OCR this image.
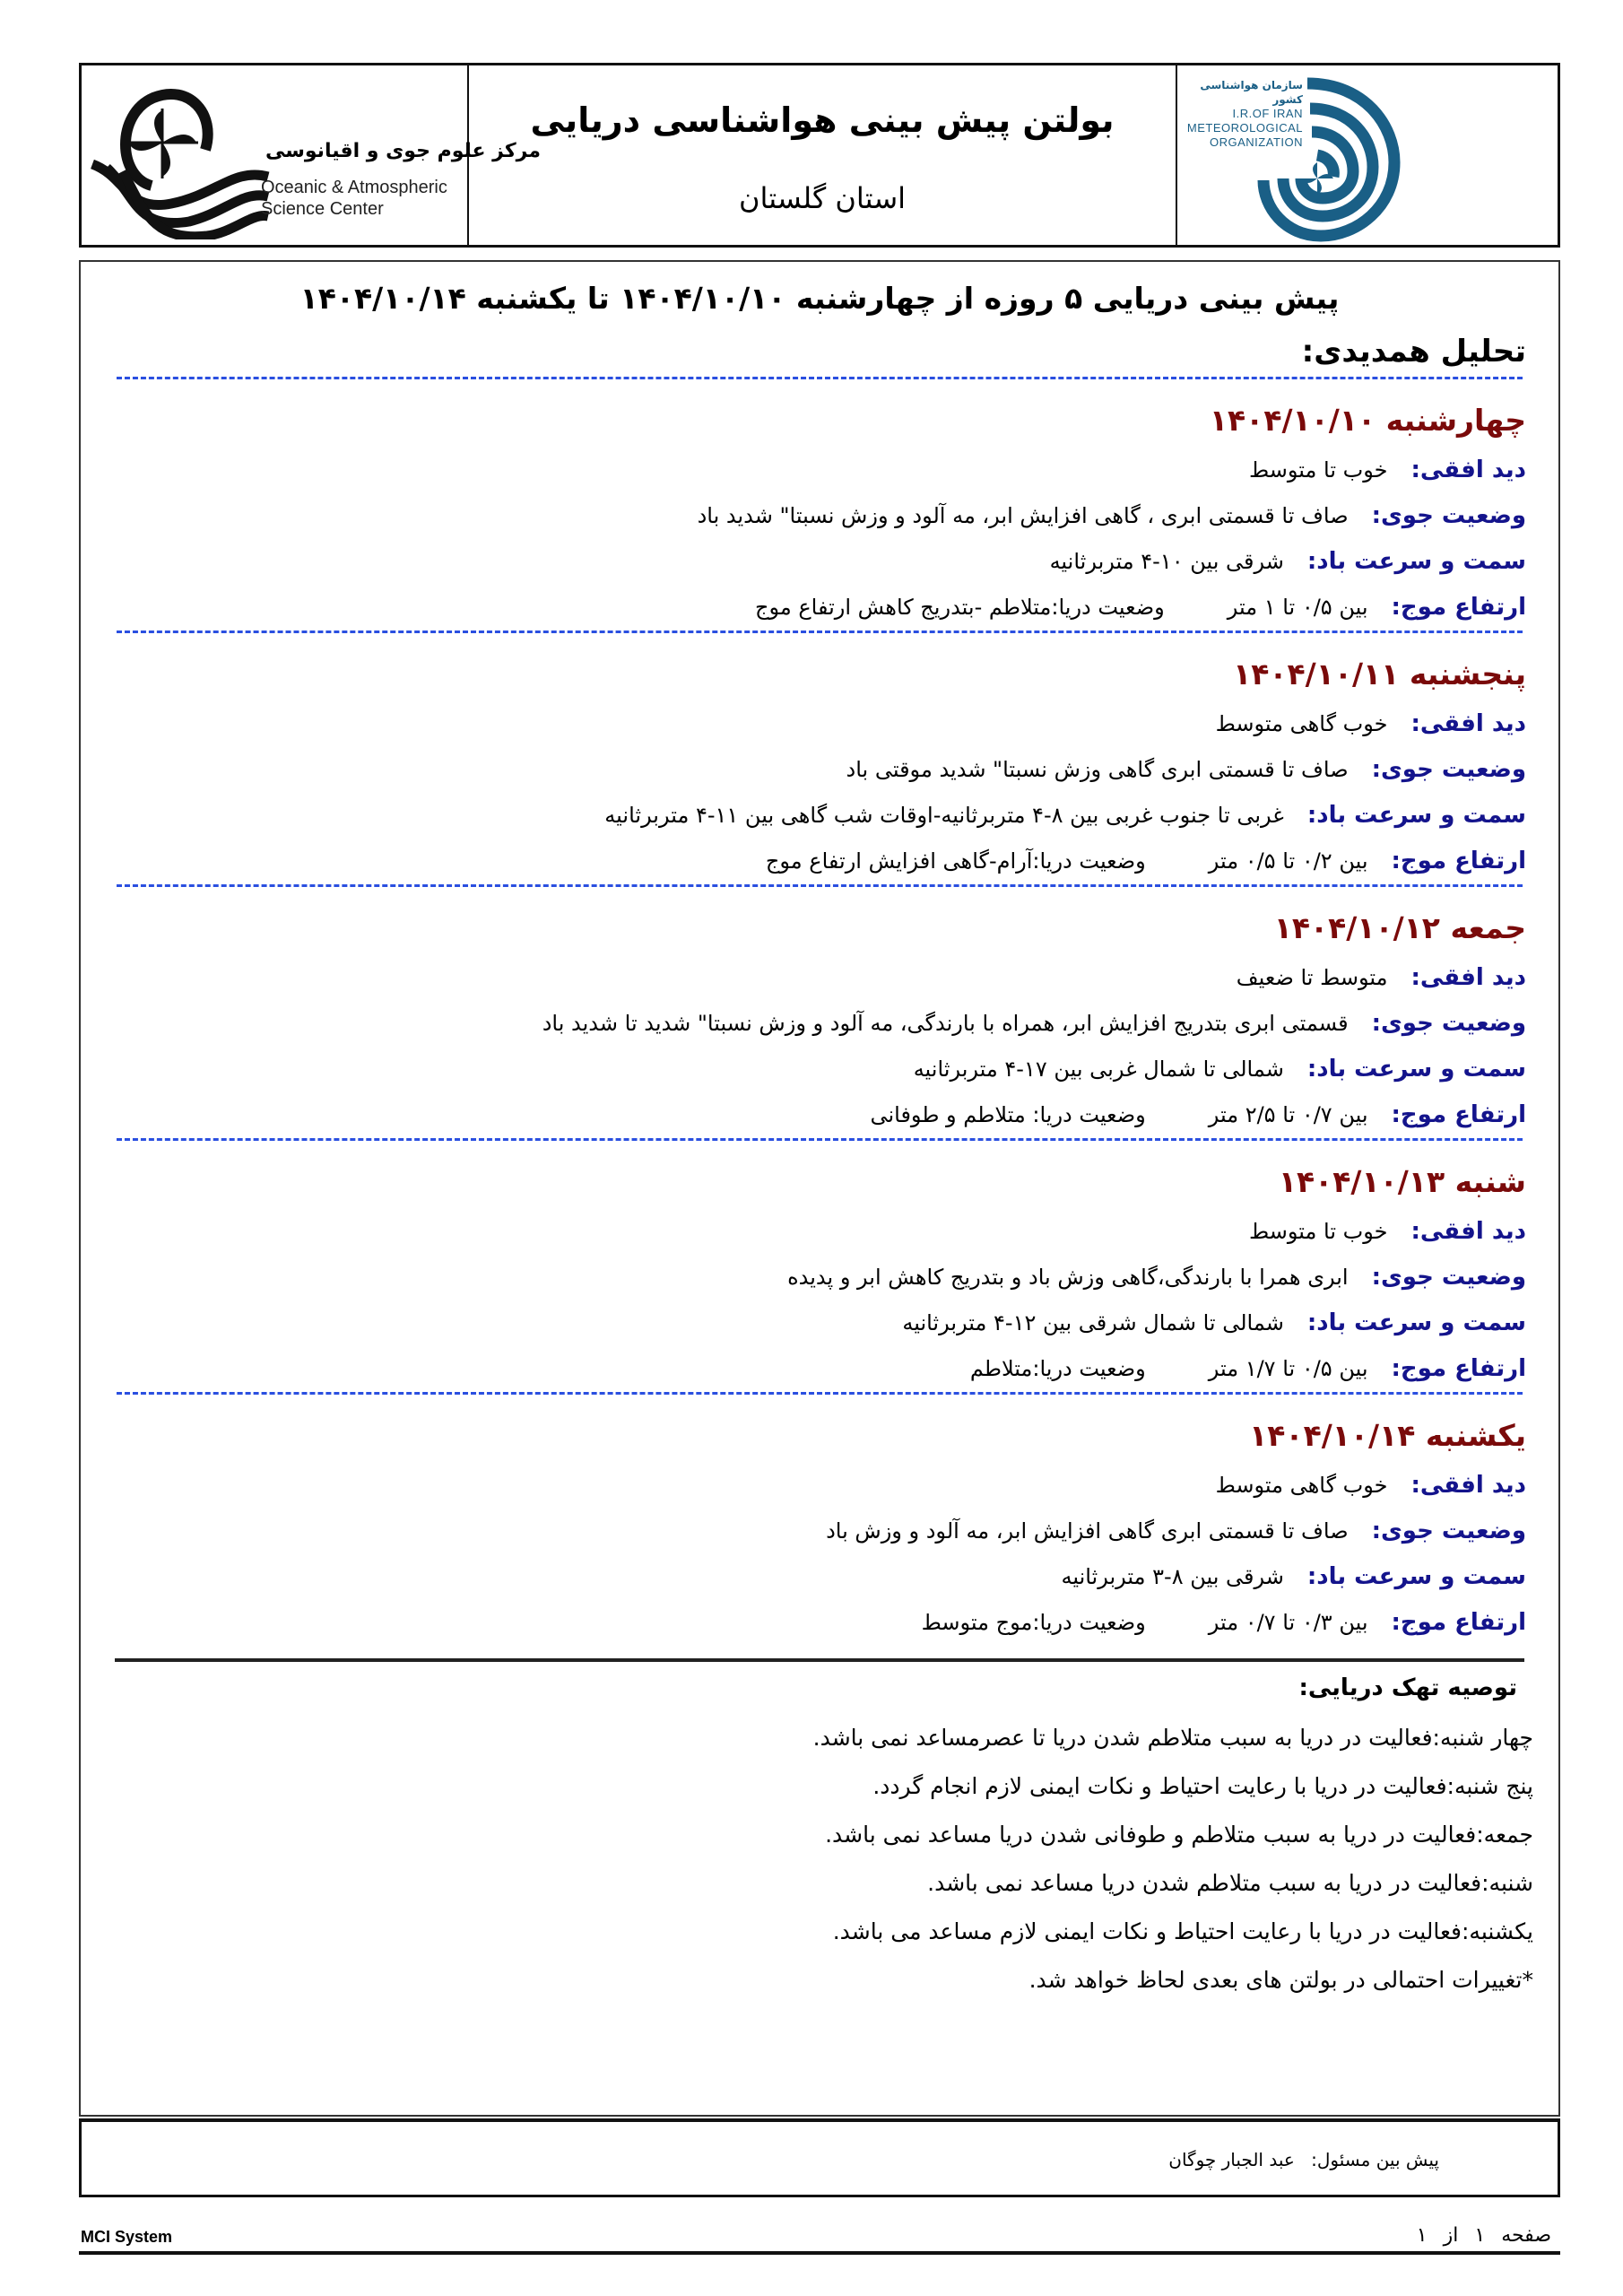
مرکز علوم جوی و اقیانوسی
Oceanic & Atmospheric
Science Center
بولتن پیش بینی هواشناسی دریایی
استان گلستان
سازمان هواشناسی کشور
I.R.OF IRAN
METEOROLOGICAL
ORGANIZATION
پیش بینی دریایی ۵ روزه از چهارشنبه ۱۴۰۴/۱۰/۱۰ تا یکشنبه ۱۴۰۴/۱۰/۱۴
تحلیل همدیدی:
چهارشنبه ۱۴۰۴/۱۰/۱۰
دید افقی:خوب تا متوسط
وضعیت جوی:صاف تا قسمتی ابری ، گاهی افزایش ابر، مه آلود و وزش نسبتا" شدید باد
سمت و سرعت باد:شرقی بین ۱۰-۴ متربرثانیه
ارتفاع موج:بین ۰/۵ تا ۱ متروضعیت دریا:متلاطم -بتدریج کاهش ارتفاع موج
پنجشنبه ۱۴۰۴/۱۰/۱۱
دید افقی:خوب گاهی متوسط
وضعیت جوی:صاف تا قسمتی ابری گاهی وزش نسبتا" شدید موقتی باد
سمت و سرعت باد:غربی تا جنوب غربی بین ۸-۴ متربرثانیه-اوقات شب گاهی بین ۱۱-۴ متربرثانیه
ارتفاع موج:بین ۰/۲ تا ۰/۵ متروضعیت دریا:آرام-گاهی افزایش ارتفاع موج
جمعه ۱۴۰۴/۱۰/۱۲
دید افقی:متوسط تا ضعیف
وضعیت جوی:قسمتی ابری بتدریج افزایش ابر، همراه با بارندگی، مه آلود و وزش نسبتا" شدید تا شدید باد
سمت و سرعت باد:شمالی تا شمال غربی بین ۱۷-۴ متربرثانیه
ارتفاع موج:بین ۰/۷ تا ۲/۵ متروضعیت دریا: متلاطم و طوفانی
شنبه ۱۴۰۴/۱۰/۱۳
دید افقی:خوب تا متوسط
وضعیت جوی:ابری همرا با بارندگی،گاهی وزش باد و بتدریج کاهش ابر و پدیده
سمت و سرعت باد:شمالی تا شمال شرقی بین ۱۲-۴ متربرثانیه
ارتفاع موج:بین ۰/۵ تا ۱/۷ متروضعیت دریا:متلاطم
یکشنبه ۱۴۰۴/۱۰/۱۴
دید افقی:خوب گاهی متوسط
وضعیت جوی:صاف تا قسمتی ابری گاهی افزایش ابر، مه آلود و وزش باد
سمت و سرعت باد:شرقی بین ۸-۳ متربرثانیه
ارتفاع موج:بین ۰/۳ تا ۰/۷ متروضعیت دریا:موج متوسط
توصیه تهک دریایی:
چهار شنبه:فعالیت در دریا به سبب متلاطم شدن دریا تا عصرمساعد نمی باشد.
پنج شنبه:فعالیت در دریا با رعایت احتیاط و نکات ایمنی لازم انجام گردد.
جمعه:فعالیت در دریا به سبب متلاطم و طوفانی شدن دریا مساعد نمی باشد.
شنبه:فعالیت در دریا به سبب متلاطم شدن دریا مساعد نمی باشد.
یکشنبه:فعالیت در دریا با رعایت احتیاط و نکات ایمنی لازم مساعد می باشد.
*تغییرات احتمالی در بولتن های بعدی لحاظ خواهد شد.
پیش بین مسئول: عبد الجبار چوگان
MCI System	صفحه۱از۱
